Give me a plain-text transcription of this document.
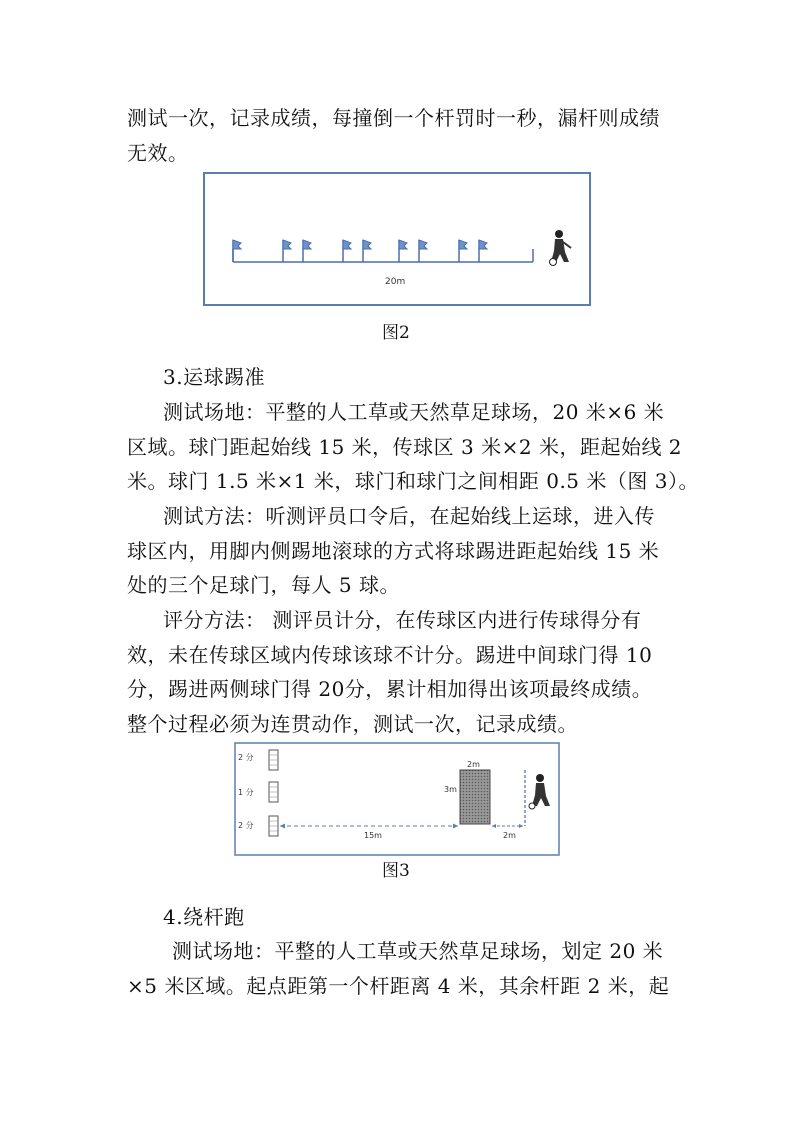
测试一次，记录成绩，每撞倒一个杆罚时一秒，漏杆则成绩
无效。
20m
图2
3.运球踢准
测试场地：平整的人工草或天然草足球场，20 米×6 米
区域。球门距起始线 15 米，传球区 3 米×2 米，距起始线 2
米。球门 1.5 米×1 米，球门和球门之间相距 0.5 米（图 3）。
测试方法：听测评员口令后，在起始线上运球，进入传
球区内，用脚内侧踢地滚球的方式将球踢进距起始线 15 米
处的三个足球门，每人 5 球。
评分方法： 测评员计分，在传球区内进行传球得分有
效，未在传球区域内传球该球不计分。踢进中间球门得 10
分，踢进两侧球门得 20分，累计相加得出该项最终成绩。
整个过程必须为连贯动作，测试一次，记录成绩。
2 分
1 分
2 分
2m
3m
15m	2m
图3
4.绕杆跑
测试场地：平整的人工草或天然草足球场，划定 20 米
×5 米区域。起点距第一个杆距离 4 米，其余杆距 2 米，起
